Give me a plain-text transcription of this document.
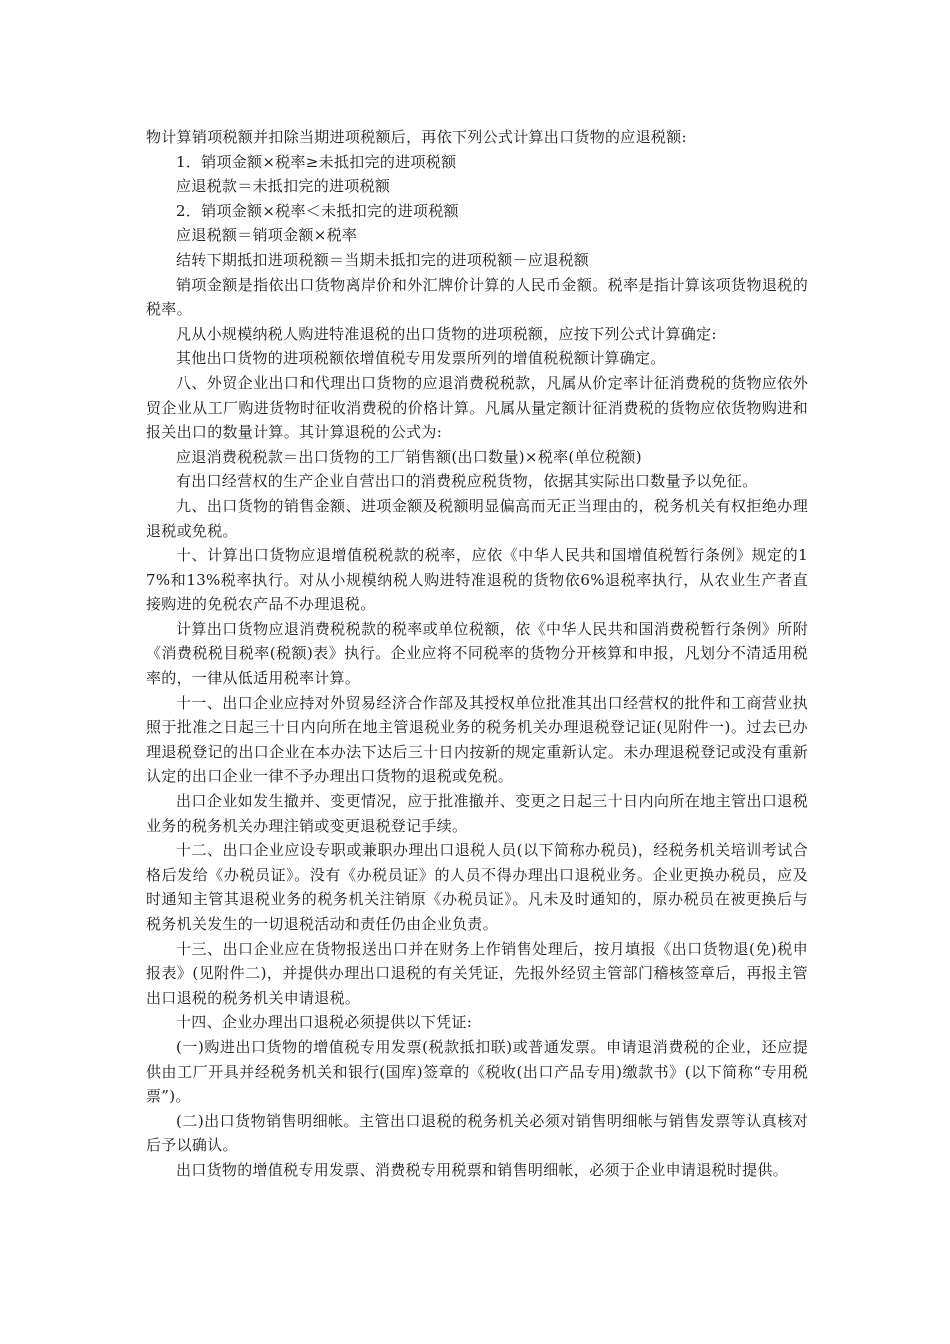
物计算销项税额并扣除当期进项税额后，再依下列公式计算出口货物的应退税额:

1．销项金额×税率≥未抵扣完的进项税额

应退税款＝未抵扣完的进项税额

2．销项金额×税率＜未抵扣完的进项税额

应退税额＝销项金额×税率

结转下期抵扣进项税额＝当期未抵扣完的进项税额－应退税额

销项金额是指依出口货物离岸价和外汇牌价计算的人民币金额。税率是指计算该项货物退税的税率。

凡从小规模纳税人购进特准退税的出口货物的进项税额，应按下列公式计算确定:

其他出口货物的进项税额依增值税专用发票所列的增值税税额计算确定。

八、外贸企业出口和代理出口货物的应退消费税税款，凡属从价定率计征消费税的货物应依外贸企业从工厂购进货物时征收消费税的价格计算。凡属从量定额计征消费税的货物应依货物购进和报关出口的数量计算。其计算退税的公式为:

应退消费税税款＝出口货物的工厂销售额(出口数量)×税率(单位税额)

有出口经营权的生产企业自营出口的消费税应税货物，依据其实际出口数量予以免征。

九、出口货物的销售金额、进项金额及税额明显偏高而无正当理由的，税务机关有权拒绝办理退税或免税。

十、计算出口货物应退增值税税款的税率，应依《中华人民共和国增值税暂行条例》规定的17%和13%税率执行。对从小规模纳税人购进特准退税的货物依6%退税率执行，从农业生产者直接购进的免税农产品不办理退税。

计算出口货物应退消费税税款的税率或单位税额，依《中华人民共和国消费税暂行条例》所附《消费税税目税率(税额)表》执行。企业应将不同税率的货物分开核算和申报，凡划分不清适用税率的，一律从低适用税率计算。

十一、出口企业应持对外贸易经济合作部及其授权单位批准其出口经营权的批件和工商营业执照于批准之日起三十日内向所在地主管退税业务的税务机关办理退税登记证(见附件一)。过去已办理退税登记的出口企业在本办法下达后三十日内按新的规定重新认定。未办理退税登记或没有重新认定的出口企业一律不予办理出口货物的退税或免税。

出口企业如发生撤并、变更情况，应于批准撤并、变更之日起三十日内向所在地主管出口退税业务的税务机关办理注销或变更退税登记手续。

十二、出口企业应设专职或兼职办理出口退税人员(以下简称办税员)，经税务机关培训考试合格后发给《办税员证》。没有《办税员证》的人员不得办理出口退税业务。企业更换办税员，应及时通知主管其退税业务的税务机关注销原《办税员证》。凡未及时通知的，原办税员在被更换后与税务机关发生的一切退税活动和责任仍由企业负责。

十三、出口企业应在货物报送出口并在财务上作销售处理后，按月填报《出口货物退(免)税申报表》(见附件二)，并提供办理出口退税的有关凭证，先报外经贸主管部门稽核签章后，再报主管出口退税的税务机关申请退税。

十四、企业办理出口退税必须提供以下凭证:

(一)购进出口货物的增值税专用发票(税款抵扣联)或普通发票。申请退消费税的企业，还应提供由工厂开具并经税务机关和银行(国库)签章的《税收(出口产品专用)缴款书》(以下简称“专用税票”)。

(二)出口货物销售明细帐。主管出口退税的税务机关必须对销售明细帐与销售发票等认真核对后予以确认。

出口货物的增值税专用发票、消费税专用税票和销售明细帐，必须于企业申请退税时提供。
